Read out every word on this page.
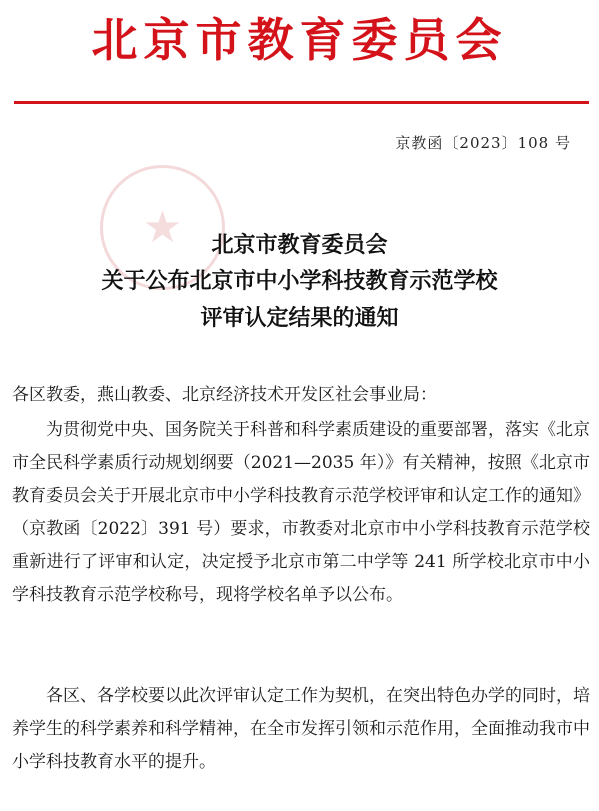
北京市教育委员会
京教函〔2023〕108 号
★	北京市教育委员会
关于公布北京市中小学科技教育示范学校
评审认定结果的通知
各区教委，燕山教委、北京经济技术开发区社会事业局：
为贯彻党中央、国务院关于科普和科学素质建设的重要部署，落实《北京市全民科学素质行动规划纲要（2021—2035 年）》有关精神，按照《北京市教育委员会关于开展北京市中小学科技教育示范学校评审和认定工作的通知》（京教函〔2022〕391 号）要求，市教委对北京市中小学科技教育示范学校重新进行了评审和认定，决定授予北京市第二中学等 241 所学校北京市中小学科技教育示范学校称号，现将学校名单予以公布。
各区、各学校要以此次评审认定工作为契机，在突出特色办学的同时，培养学生的科学素养和科学精神，在全市发挥引领和示范作用，全面推动我市中小学科技教育水平的提升。
